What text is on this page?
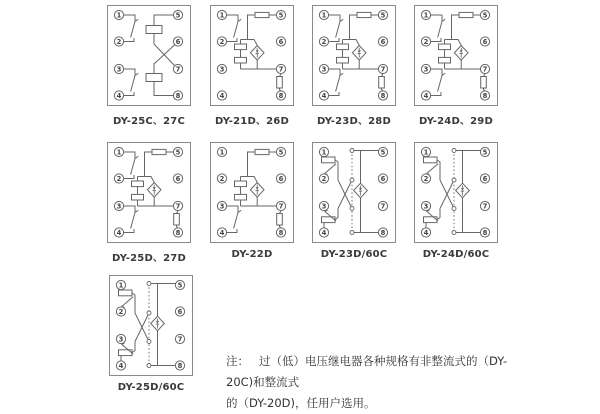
1
2
3
4
5
6
7
8
DY-25C、27C
1
2
3
4
5
6
7
8
DY-21D、26D
1
2
3
4
5
6
7
8
DY-23D、28D
1
2
3
4
5
6
7
8
DY-24D、29D
1
2
3
4
5
6
7
8
DY-25D、27D
1
2
3
4
5
6
7
8
DY-22D
1
2
3
4
5
6
7
8
DY-23D/60C
1
2
3
4
5
6
7
8
DY-24D/60C
1
2
3
4
5
6
7
8
DY-25D/60C
注： 过（低）电压继电器各种规格有非整流式的（DY-20C)和整流式
的（DY-20D)，任用户选用。
